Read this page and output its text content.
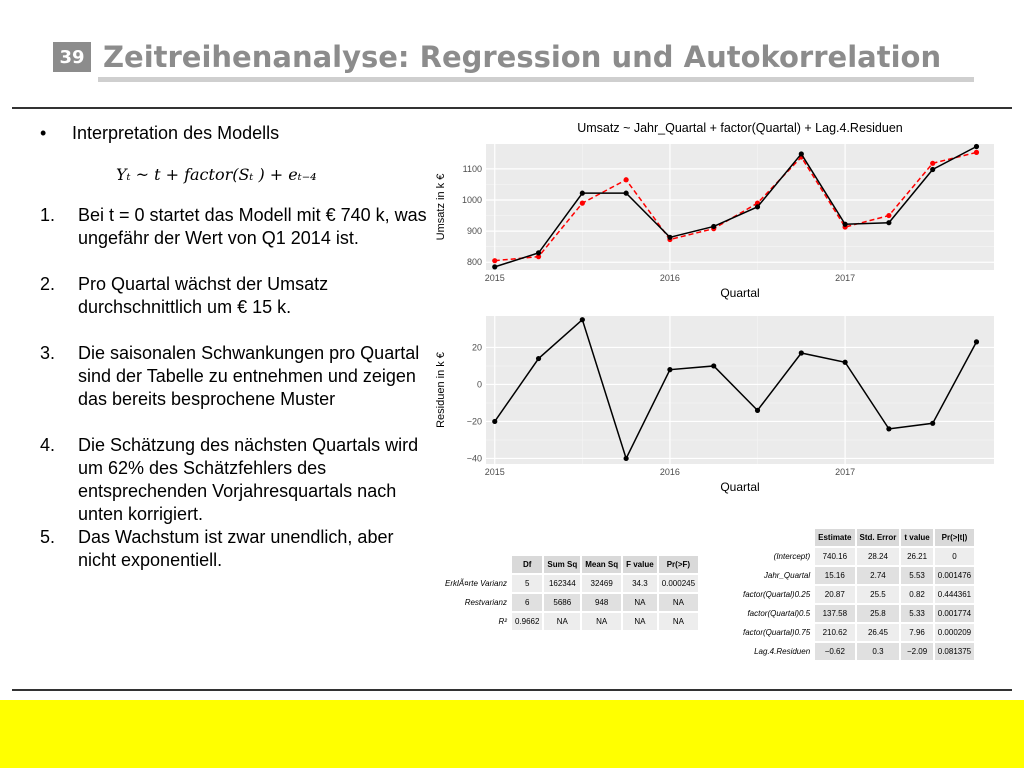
39 Zeitreihenanalyse: Regression und Autokorrelation
• Interpretation des Modells
Yₜ ~ t + factor(Sₜ ) + eₜ₋₄
1. Bei t = 0 startet das Modell mit € 740 k, was ungefähr der Wert von Q1 2014 ist.
2. Pro Quartal wächst der Umsatz durchschnittlich um € 15 k.
3. Die saisonalen Schwankungen pro Quartal sind der Tabelle zu entnehmen und zeigen das bereits besprochene Muster
4. Die Schätzung des nächsten Quartals wird um 62% des Schätzfehlers des entsprechenden Vorjahresquartals nach unten korrigiert.
5. Das Wachstum ist zwar unendlich, aber nicht exponentiell.
2015	2016	2017
800
900
1000
1100
Umsatz ~ Jahr_Quartal + factor(Quartal) + Lag.4.Residuen
Quartal
Umsatz in k €
2015	2016	2017
−40
−20
0
20
Quartal
Residuen in k €
	Df	Sum Sq	Mean Sq	F value	Pr(>F)
ErklÃ¤rte Varianz	5	162344	32469	34.3	0.000245
Restvarianz	6	5686	948	NA	NA
R²	0.9662	NA	NA	NA	NA
	Estimate	Std. Error	t value	Pr(>|t|)
(Intercept)	740.16	28.24	26.21	0
Jahr_Quartal	15.16	2.74	5.53	0.001476
factor(Quartal)0.25	20.87	25.5	0.82	0.444361
factor(Quartal)0.5	137.58	25.8	5.33	0.001774
factor(Quartal)0.75	210.62	26.45	7.96	0.000209
Lag.4.Residuen	−0.62	0.3	−2.09	0.081375
